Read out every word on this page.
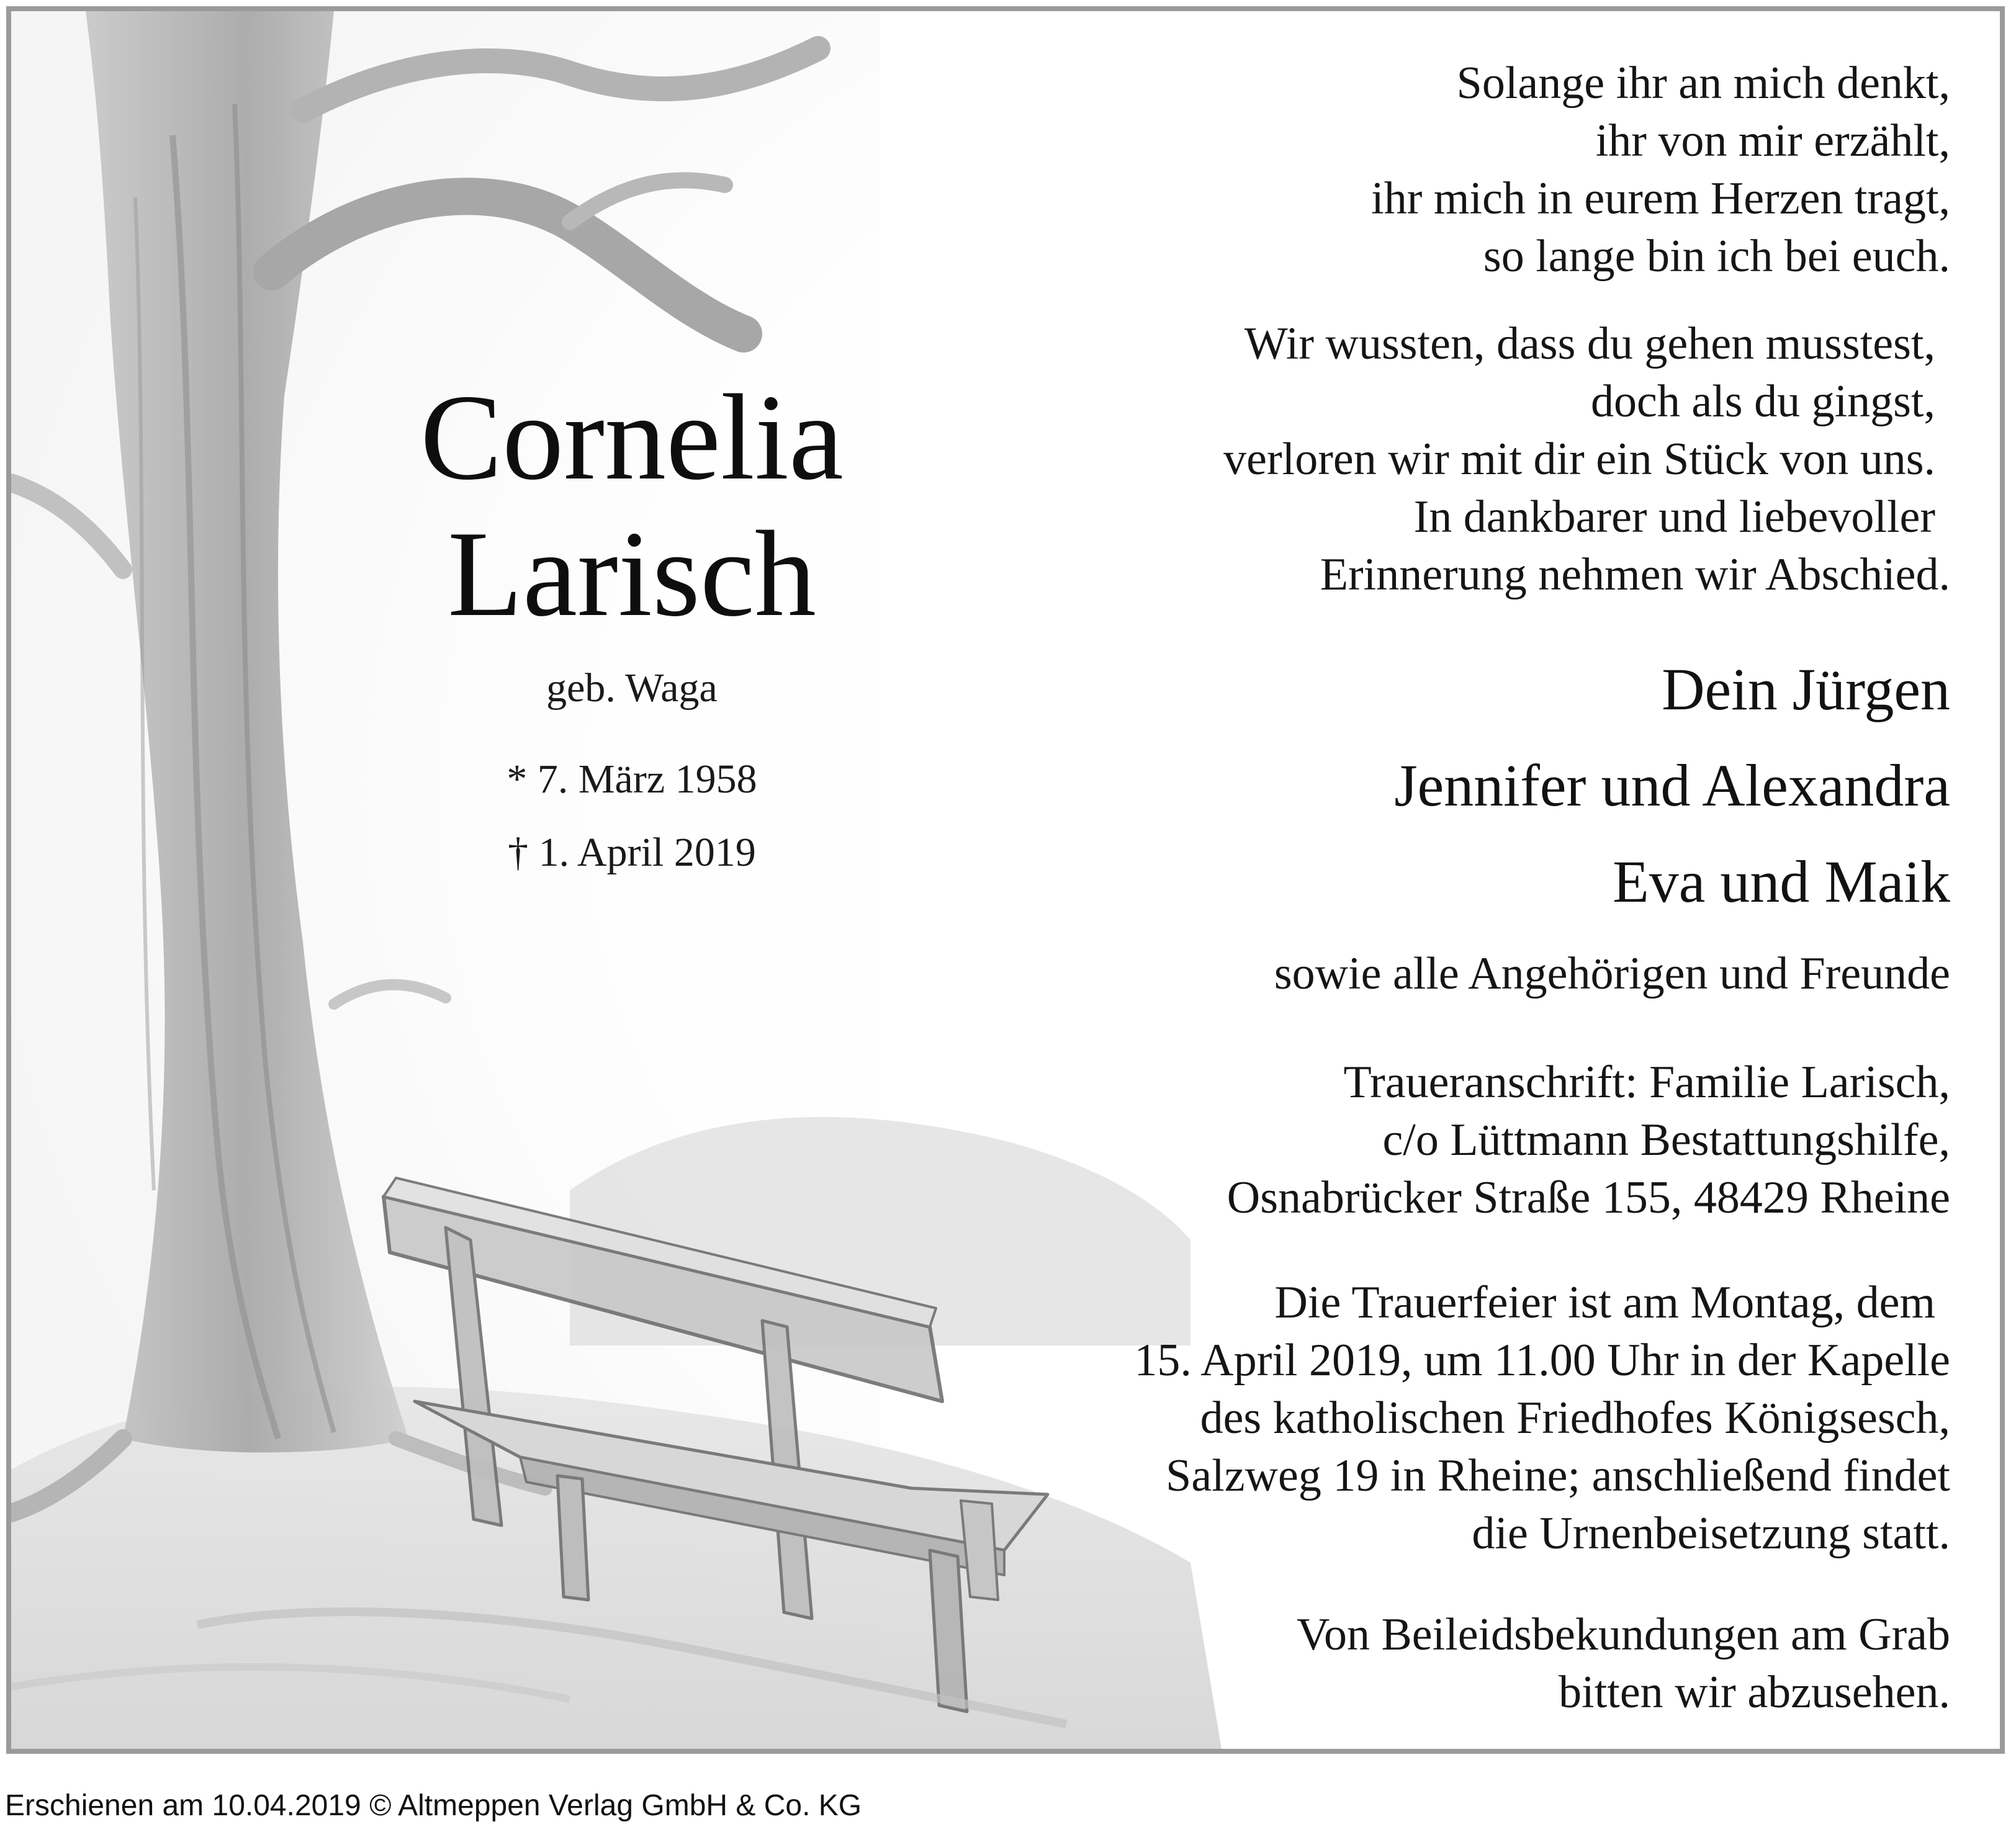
Cornelia
Larisch
geb. Waga
* 7. März 1958
† 1. April 2019
Solange ihr an mich denkt,
ihr von mir erzählt,
ihr mich in eurem Herzen tragt,
so lange bin ich bei euch.
Wir wussten, dass du gehen musstest,
doch als du gingst,
verloren wir mit dir ein Stück von uns.
In dankbarer und liebevoller
Erinnerung nehmen wir Abschied.
Dein Jürgen
Jennifer und Alexandra
Eva und Maik
sowie alle Angehörigen und Freunde
Traueranschrift: Familie Larisch,
c/o Lüttmann Bestattungshilfe,
Osnabrücker Straße 155, 48429 Rheine
Die Trauerfeier ist am Montag, dem
15. April 2019, um 11.00 Uhr in der Kapelle
des katholischen Friedhofes Königsesch,
Salzweg 19 in Rheine; anschließend findet
die Urnenbeisetzung statt.
Von Beileidsbekundungen am Grab
bitten wir abzusehen.
Erschienen am 10.04.2019 © Altmeppen Verlag GmbH & Co. KG
